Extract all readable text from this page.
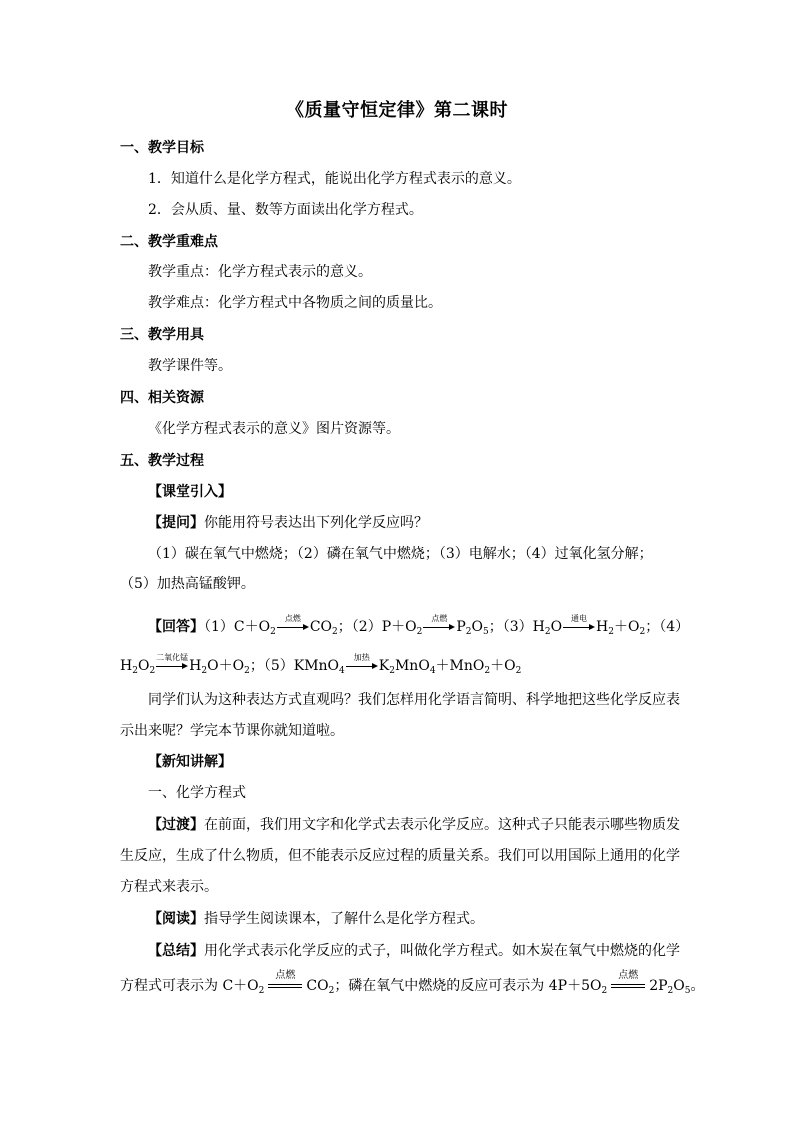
《质量守恒定律》第二课时
一、教学目标
1．知道什么是化学方程式，能说出化学方程式表示的意义。
2．会从质、量、数等方面读出化学方程式。
二、教学重难点
教学重点：化学方程式表示的意义。
教学难点：化学方程式中各物质之间的质量比。
三、教学用具
教学课件等。
四、相关资源
《化学方程式表示的意义》图片资源等。
五、教学过程
【课堂引入】
【提问】你能用符号表达出下列化学反应吗？
（1）碳在氧气中燃烧；（2）磷在氧气中燃烧；（3）电解水；（4）过氧化氢分解；
（5）加热高锰酸钾。
【回答】$(1)C+O_2$
点燃
$CO_2$；$(2)P+O_2$
点燃
$P_2O_5$；$(3)H_2O$
通电
$H_2+O_2$；（4）
$H_2O_2$
二氧化锰
$H_2O+O_2$；（5）KMnO$_4$
加热
$K_2MnO_4+MnO_2+O_2$
同学们认为这种表达方式直观吗？我们怎样用化学语言简明、科学地把这些化学反应表
示出来呢？学完本节课你就知道啦。
【新知讲解】
一、化学方程式
【过渡】在前面，我们用文字和化学式去表示化学反应。这种式子只能表示哪些物质发
生反应，生成了什么物质，但不能表示反应过程的质量关系。我们可以用国际上通用的化学
方程式来表示。
【阅读】指导学生阅读课本，了解什么是化学方程式。
【总结】用化学式表示化学反应的式子，叫做化学方程式。如木炭在氧气中燃烧的化学
方程式可表示为 $C+O_2$
点燃
$CO_2$；磷在氧气中燃烧的反应可表示为 $4P+5O_2$
点燃
$2P_2O_5$。
